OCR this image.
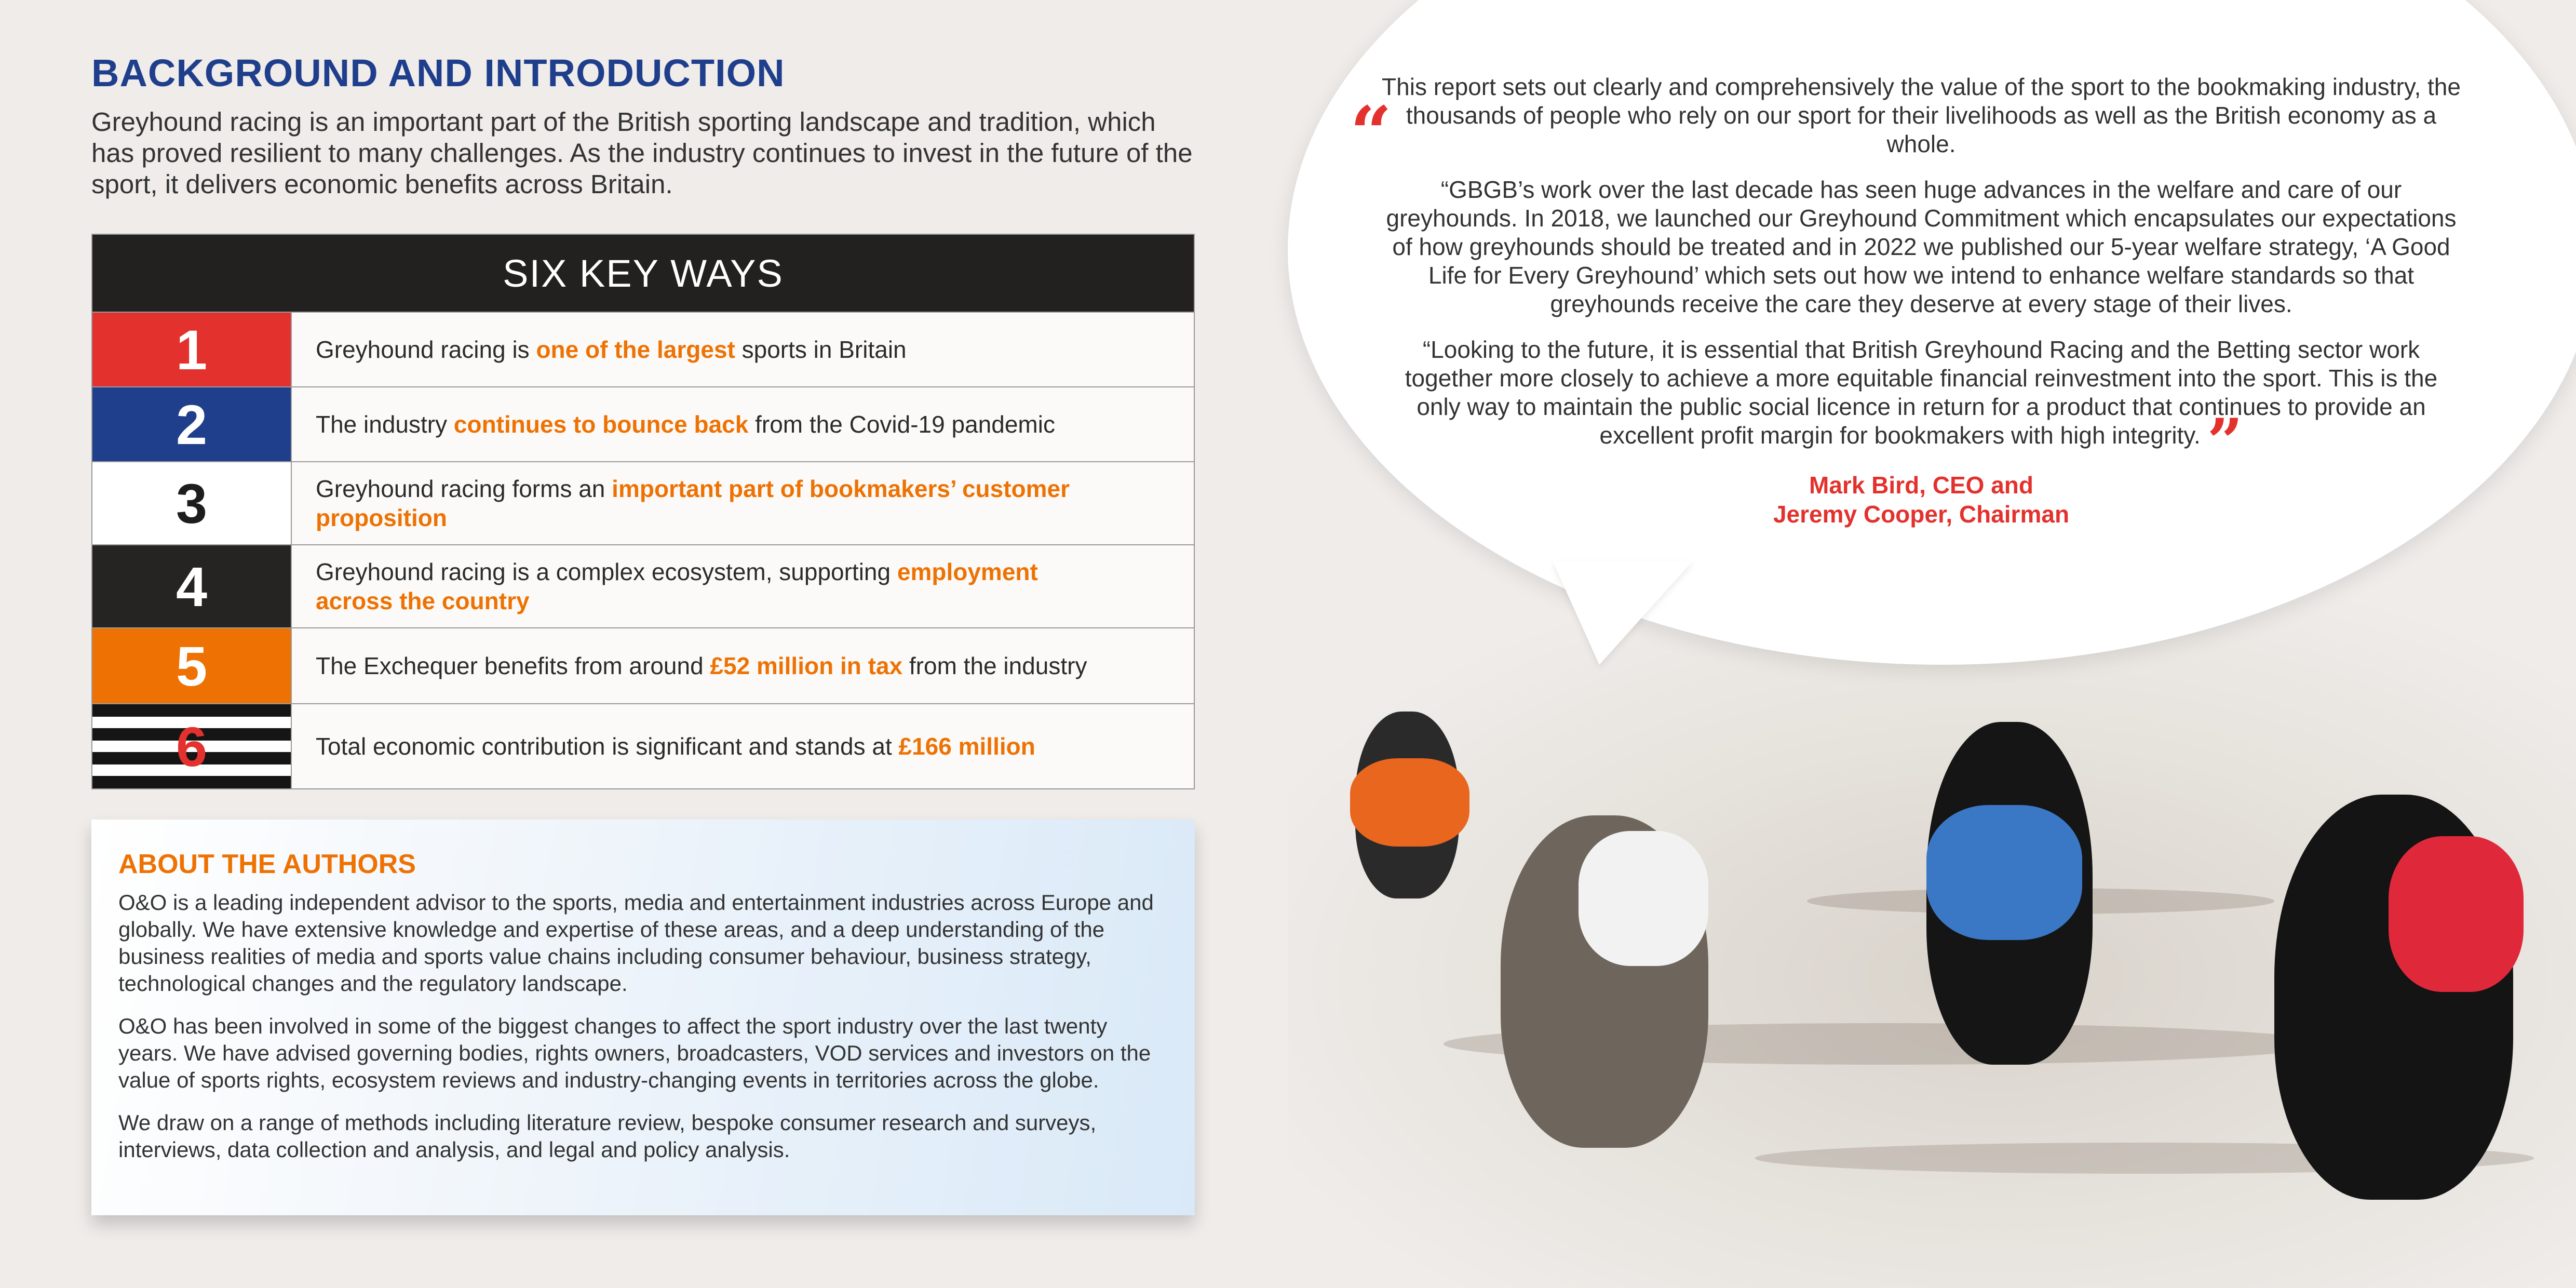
BACKGROUND AND INTRODUCTION
Greyhound racing is an important part of the British sporting landscape and tradition, which has proved resilient to many challenges. As the industry continues to invest in the future of the sport, it delivers economic benefits across Britain.
SIX KEY WAYS
1	Greyhound racing is one of the largest sports in Britain
2	The industry continues to bounce back from the Covid-19 pandemic
3	Greyhound racing forms an important part of bookmakers’ customer proposition
4	Greyhound racing is a complex ecosystem, supporting employment across the country
5	The Exchequer benefits from around £52 million in tax from the industry
6	Total economic contribution is significant and stands at £166 million
ABOUT THE AUTHORS

O&O is a leading independent advisor to the sports, media and entertainment industries across Europe and globally. We have extensive knowledge and expertise of these areas, and a deep understanding of the business realities of media and sports value chains including consumer behaviour, business strategy, technological changes and the regulatory landscape.

O&O has been involved in some of the biggest changes to affect the sport industry over the last twenty years. We have advised governing bodies, rights owners, broadcasters, VOD services and investors on the value of sports rights, ecosystem reviews and industry-changing events in territories across the globe.

We draw on a range of methods including literature review, bespoke consumer research and surveys, interviews, data collection and analysis, and legal and policy analysis.

“

This report sets out clearly and comprehensively the value of the sport to the bookmaking industry, the thousands of people who rely on our sport for their livelihoods as well as the British economy as a whole.

“GBGB’s work over the last decade has seen huge advances in the welfare and care of our greyhounds. In 2018, we launched our Greyhound Commitment which encapsulates our expectations of how greyhounds should be treated and in 2022 we published our 5-year welfare strategy, ‘A Good Life for Every Greyhound’ which sets out how we intend to enhance welfare standards so that greyhounds receive the care they deserve at every stage of their lives.

“Looking to the future, it is essential that British Greyhound Racing and the Betting sector work together more closely to achieve a more equitable financial reinvestment into the sport. This is the only way to maintain the public social licence in return for a product that continues to provide an excellent profit margin for bookmakers with high integrity. ”

Mark Bird, CEO and
Jeremy Cooper, Chairman
